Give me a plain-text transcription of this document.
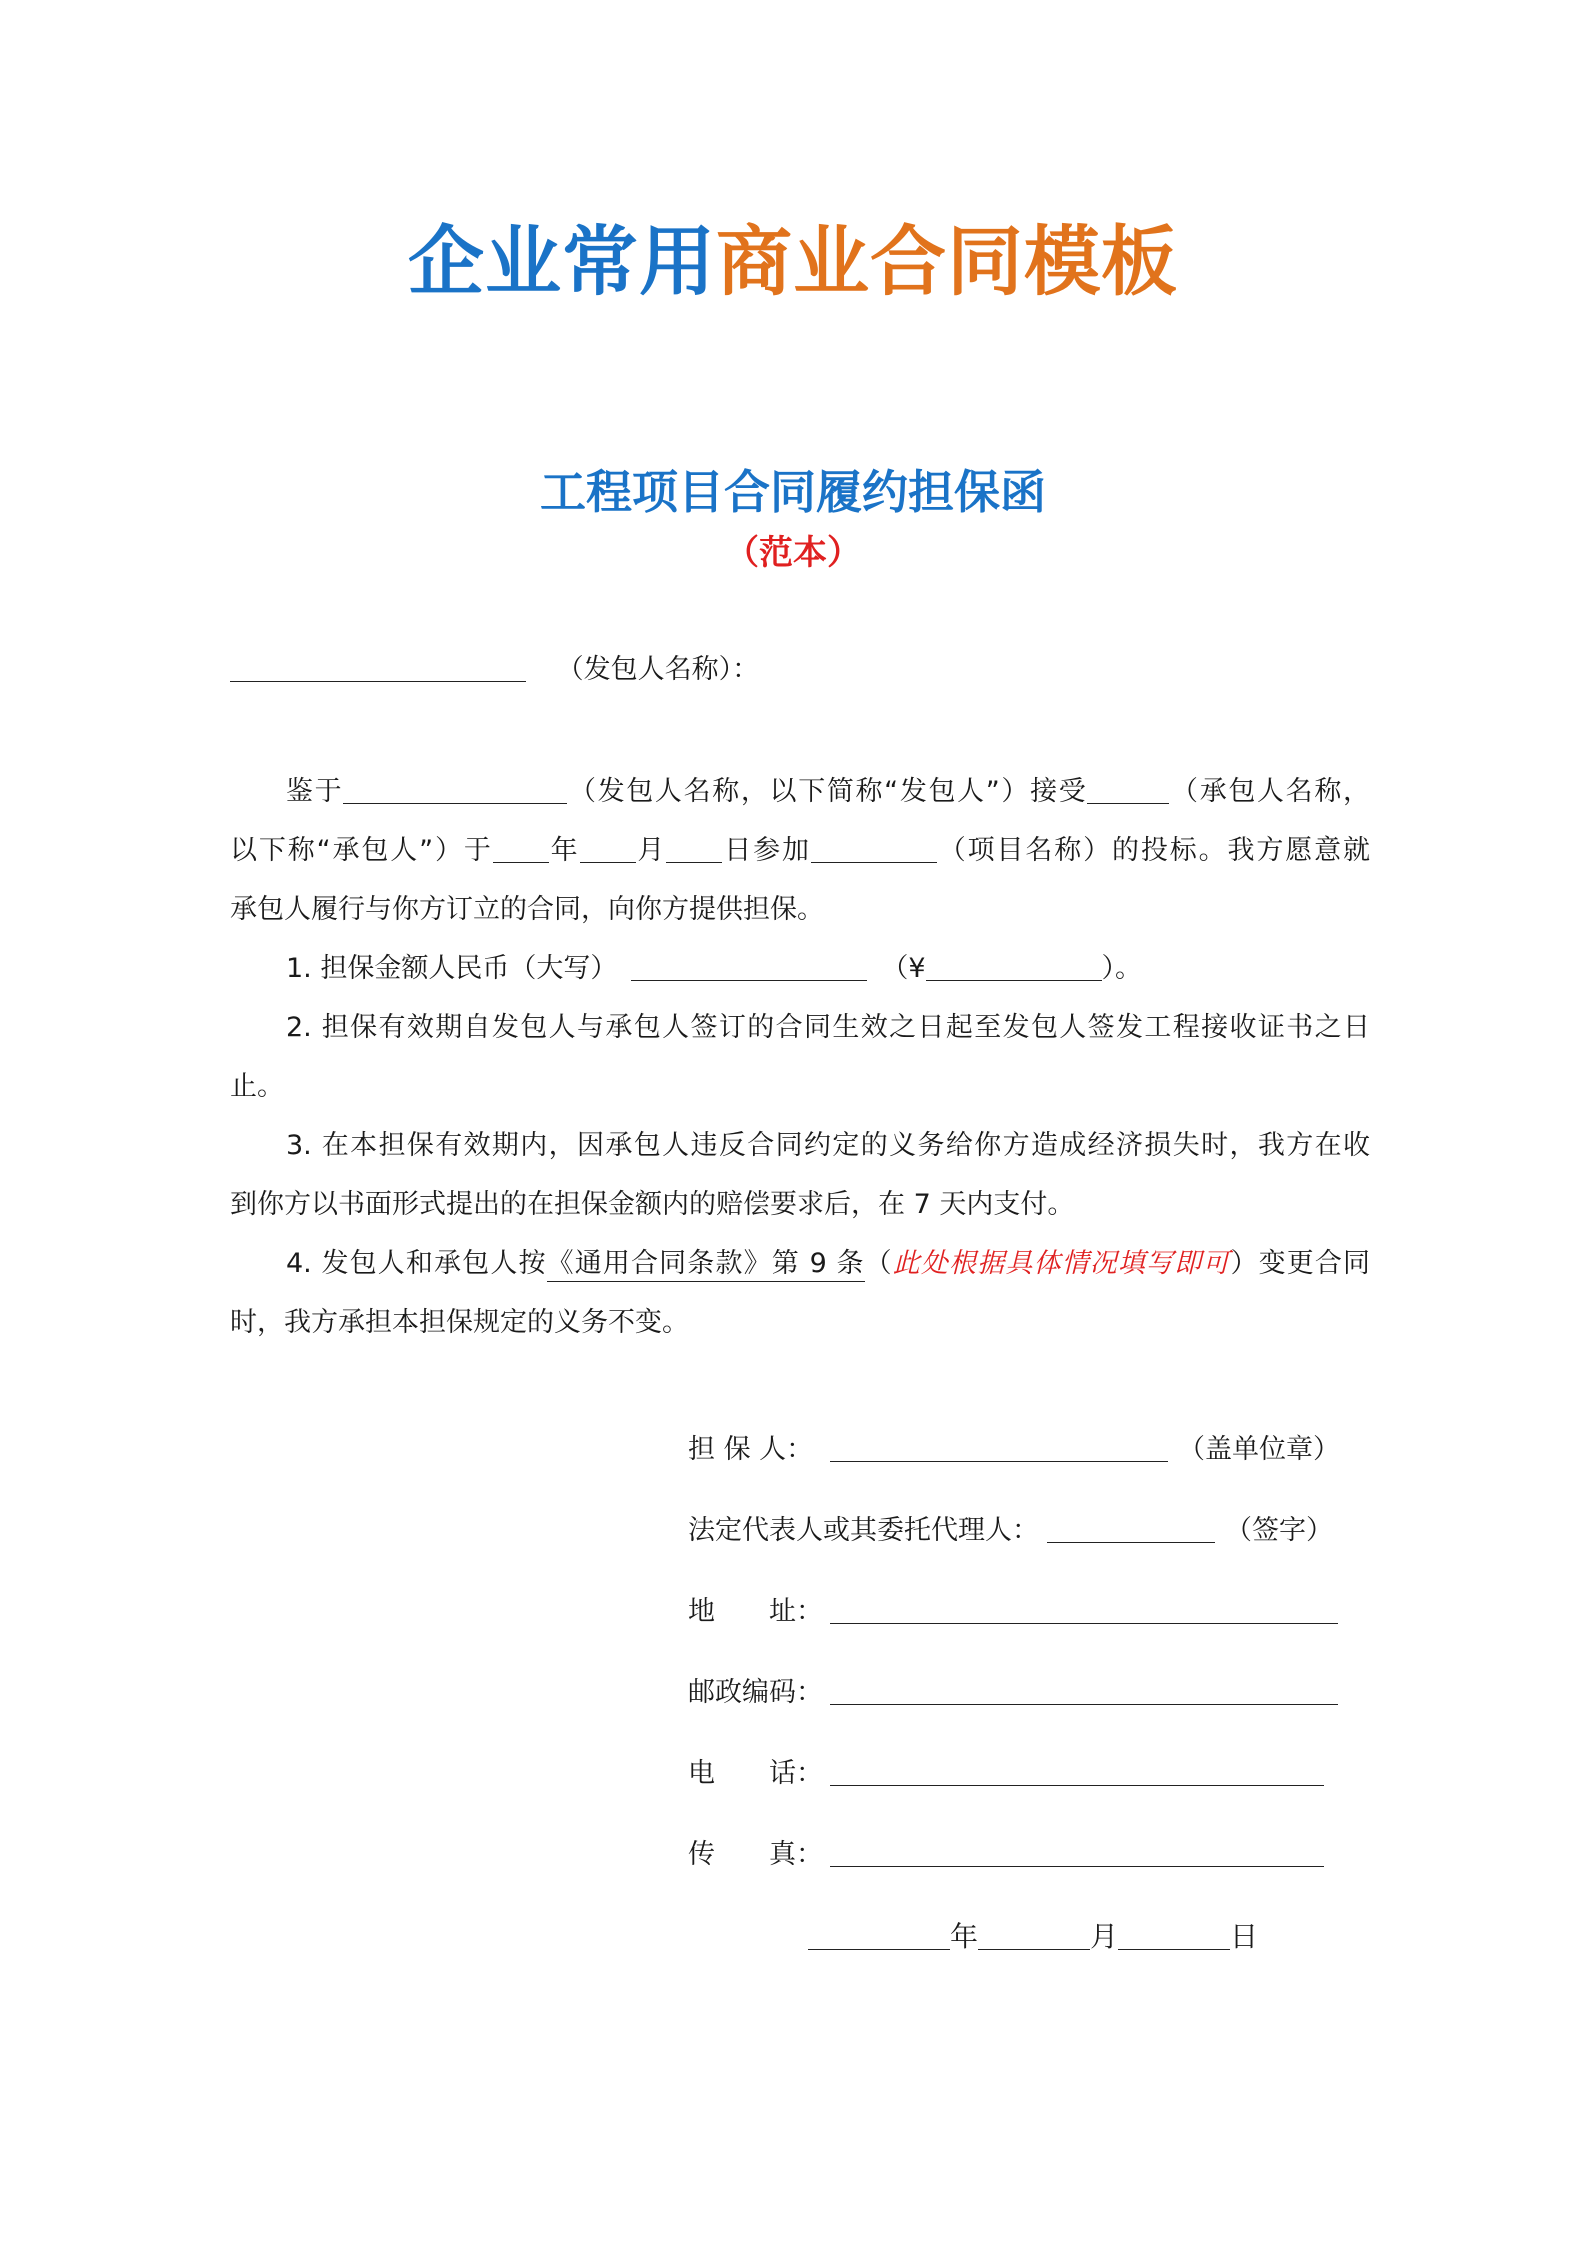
企业常用商业合同模板
工程项目合同履约担保函
（范本）
（发包人名称）：
鉴于	（发包人名称，以下简称“发包人”）接受	（承包人名称，
以下称“承包人”）于 年 月 日参加	（项目名称）的投标。我方愿意就
承包人履行与你方订立的合同，向你方提供担保。
1. 担保金额人民币（大写）	（¥	）。
2. 担保有效期自发包人与承包人签订的合同生效之日起至发包人签发工程接收证书之日
止。
3. 在本担保有效期内，因承包人违反合同约定的义务给你方造成经济损失时，我方在收
到你方以书面形式提出的在担保金额内的赔偿要求后，在 7 天内支付。
4. 发包人和承包人按《通用合同条款》第 9 条（此处根据具体情况填写即可）变更合同
时，我方承担本担保规定的义务不变。
担 保 人：	（盖单位章）
法定代表人或其委托代理人：	（签字）
地　　址：
邮政编码：
电　　话：
传　　真：
年	月	日
